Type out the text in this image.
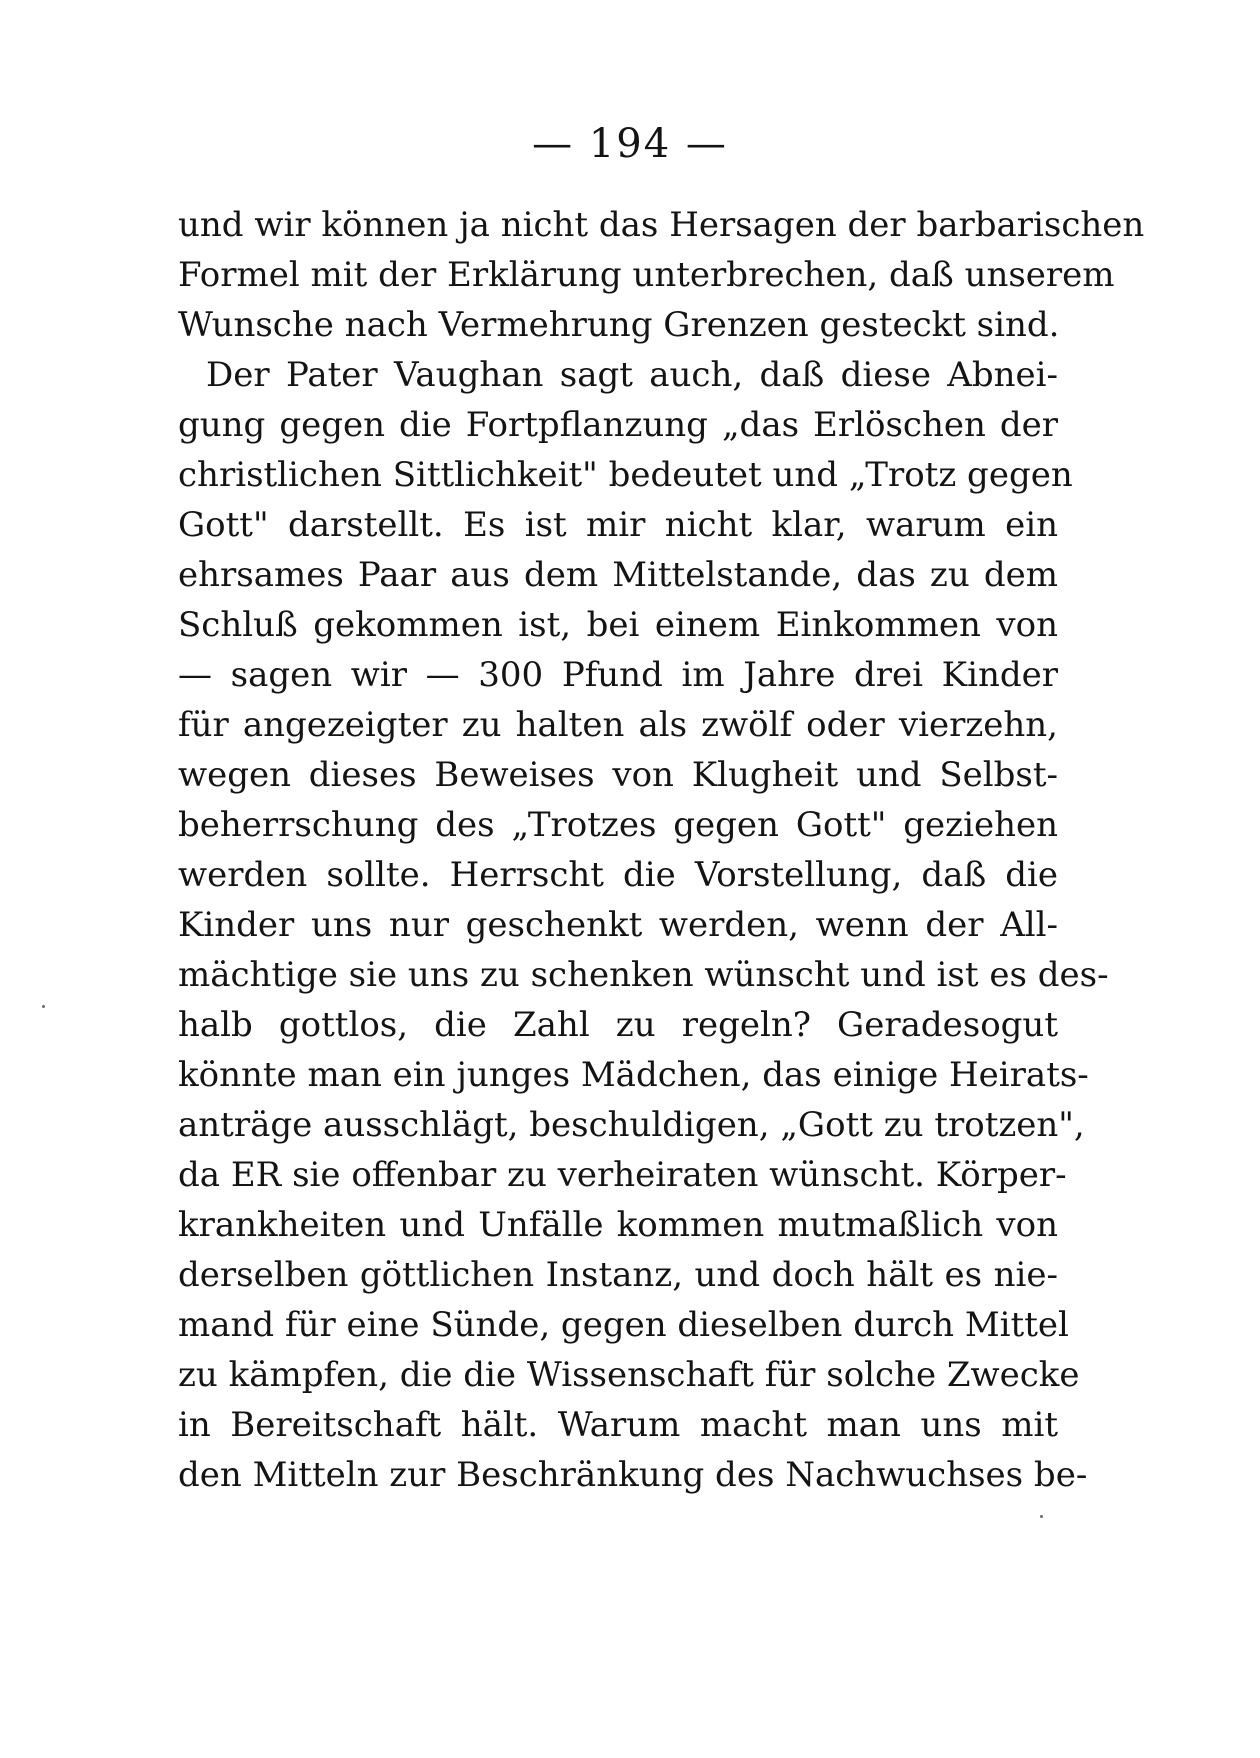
— 194 —
und wir können ja nicht das Hersagen der barbarischen
Formel mit der Erklärung unterbrechen, daß unserem
Wunsche nach Vermehrung Grenzen gesteckt sind.
Der Pater Vaughan sagt auch, daß diese Abnei-
gung gegen die Fortpflanzung „das Erlöschen der
christlichen Sittlichkeit" bedeutet und „Trotz gegen
Gott" darstellt. Es ist mir nicht klar, warum ein
ehrsames Paar aus dem Mittelstande, das zu dem
Schluß gekommen ist, bei einem Einkommen von
— sagen wir — 300 Pfund im Jahre drei Kinder
für angezeigter zu halten als zwölf oder vierzehn,
wegen dieses Beweises von Klugheit und Selbst-
beherrschung des „Trotzes gegen Gott" geziehen
werden sollte. Herrscht die Vorstellung, daß die
Kinder uns nur geschenkt werden, wenn der All-
mächtige sie uns zu schenken wünscht und ist es des-
halb gottlos, die Zahl zu regeln? Geradesogut
könnte man ein junges Mädchen, das einige Heirats-
anträge ausschlägt, beschuldigen, „Gott zu trotzen",
da ER sie offenbar zu verheiraten wünscht. Körper-
krankheiten und Unfälle kommen mutmaßlich von
derselben göttlichen Instanz, und doch hält es nie-
mand für eine Sünde, gegen dieselben durch Mittel
zu kämpfen, die die Wissenschaft für solche Zwecke
in Bereitschaft hält. Warum macht man uns mit
den Mitteln zur Beschränkung des Nachwuchses be-
